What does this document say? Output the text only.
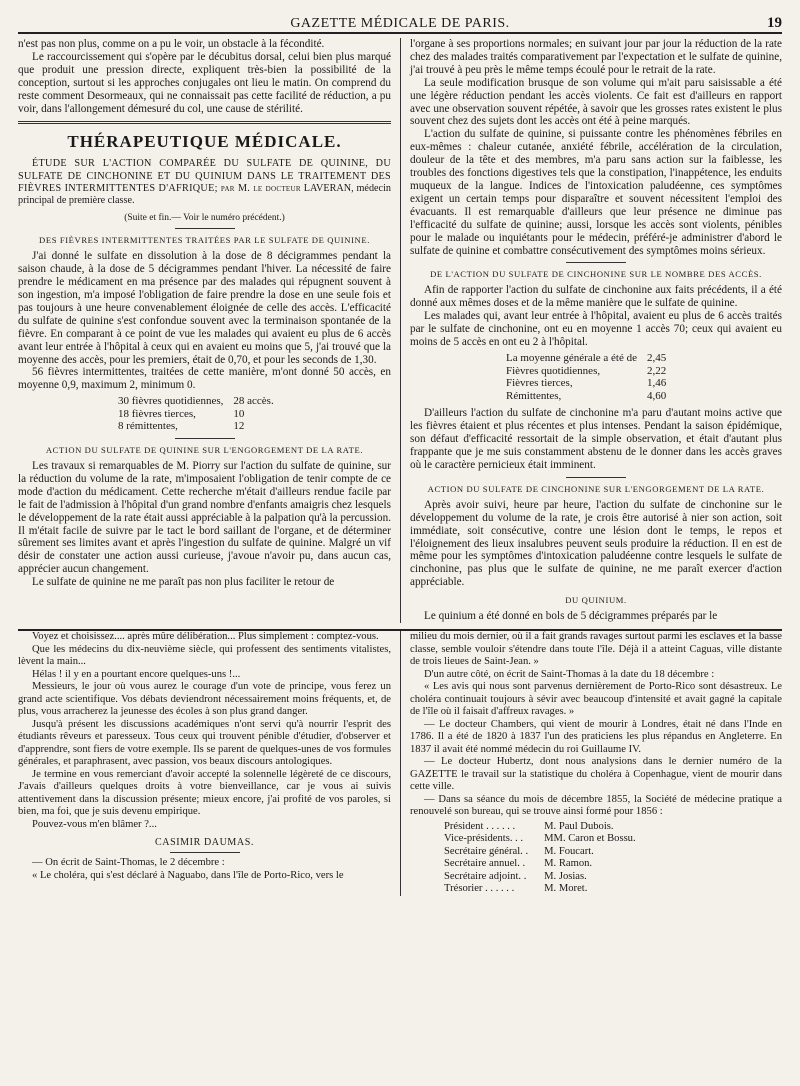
GAZETTE MÉDICALE DE PARIS.	19

n'est pas non plus, comme on a pu le voir, un obstacle à la fécondité.

Le raccourcissement qui s'opère par le décubitus dorsal, celui bien plus marqué que produit une pression directe, expliquent très-bien la possibilité de la conception, surtout si les approches conjugales ont lieu le matin. On comprend du reste comment Desormeaux, qui ne connaissait pas cette facilité de réduction, a pu voir, dans l'allongement démesuré du col, une cause de stérilité.

THÉRAPEUTIQUE MÉDICALE.

ÉTUDE SUR L'ACTION COMPARÉE DU SULFATE DE QUININE, DU SULFATE DE CINCHONINE ET DU QUINIUM DANS LE TRAITEMENT DES FIÈVRES INTERMITTENTES D'AFRIQUE; par M. le docteur LAVERAN, médecin principal de première classe.

(Suite et fin.— Voir le numéro précédent.)
DES FIÈVRES INTERMITTENTES TRAITÉES PAR LE SULFATE DE QUININE.

J'ai donné le sulfate en dissolution à la dose de 8 décigrammes pendant la saison chaude, à la dose de 5 décigrammes pendant l'hiver. La nécessité de faire prendre le médicament en ma présence par des malades qui répugnent souvent à son ingestion, m'a imposé l'obligation de faire prendre la dose en une seule fois et pas toujours à une heure convenablement éloignée de celle des accès. L'efficacité du sulfate de quinine s'est confondue souvent avec la terminaison spontanée de la fièvre. En comparant à ce point de vue les malades qui avaient eu plus de 6 accès avant leur entrée à l'hôpital à ceux qui en avaient eu moins que 5, j'ai trouvé que la moyenne des accès, pour les premiers, était de 0,70, et pour les seconds de 1,30.

56 fièvres intermittentes, traitées de cette manière, m'ont donné 50 accès, en moyenne 0,9, maximum 2, minimum 0.

30 fièvres quotidiennes,	28 accès.
18 fièvres tierces,	10
8 rémittentes,	12
ACTION DU SULFATE DE QUININE SUR L'ENGORGEMENT DE LA RATE.

Les travaux si remarquables de M. Piorry sur l'action du sulfate de quinine, sur la réduction du volume de la rate, m'imposaient l'obligation de tenir compte de ce mode d'action du médicament. Cette recherche m'était d'ailleurs rendue facile par le fait de l'admission à l'hôpital d'un grand nombre d'enfants amaigris chez lesquels le développement de la rate était aussi appréciable à la palpation qu'à la percussion. Il m'était facile de suivre par le tact le bord saillant de l'organe, et de déterminer sûrement ses limites avant et après l'ingestion du sulfate de quinine. Malgré un vif désir de constater une action aussi curieuse, j'avoue n'avoir pu, dans aucun cas, apprécier aucun changement.

Le sulfate de quinine ne me paraît pas non plus faciliter le retour de

l'organe à ses proportions normales; en suivant jour par jour la réduction de la rate chez des malades traités comparativement par l'expectation et le sulfate de quinine, j'ai trouvé à peu près le même temps écoulé pour le retrait de la rate.

La seule modification brusque de son volume qui m'ait paru saisissable a été une légère réduction pendant les accès violents. Ce fait est d'ailleurs en rapport avec une observation souvent répétée, à savoir que les grosses rates existent le plus souvent chez des sujets dont les accès ont été à peine marqués.

L'action du sulfate de quinine, si puissante contre les phénomènes fébriles en eux-mêmes : chaleur cutanée, anxiété fébrile, accélération de la circulation, douleur de la tête et des membres, m'a paru sans action sur la faiblesse, les troubles des fonctions digestives tels que la constipation, l'inappétence, les enduits muqueux de la langue. Indices de l'intoxication paludéenne, ces symptômes exigent un certain temps pour disparaître et souvent nécessitent l'emploi des évacuants. Il est remarquable d'ailleurs que leur présence ne diminue pas l'efficacité du sulfate de quinine; aussi, lorsque les accès sont violents, pénibles pour le malade ou inquiétants pour le médecin, préféré-je administrer d'abord le sulfate de quinine et combattre consécutivement des symptômes moins sérieux.

DE L'ACTION DU SULFATE DE CINCHONINE SUR LE NOMBRE DES ACCÈS.

Afin de rapporter l'action du sulfate de cinchonine aux faits précédents, il a été donné aux mêmes doses et de la même manière que le sulfate de quinine.

Les malades qui, avant leur entrée à l'hôpital, avaient eu plus de 6 accès traités par le sulfate de cinchonine, ont eu en moyenne 1 accès 70; ceux qui avaient eu moins de 5 accès en ont eu 2 à l'hôpital.

La moyenne générale a été de	2,45
Fièvres quotidiennes,	2,22
Fièvres tierces,	1,46
Rémittentes,	4,60

D'ailleurs l'action du sulfate de cinchonine m'a paru d'autant moins active que les fièvres étaient et plus récentes et plus intenses. Pendant la saison épidémique, son défaut d'efficacité ressortait de la simple observation, et était d'autant plus frappante que je me suis constamment abstenu de le donner dans les accès graves où le caractère pernicieux était imminent.

ACTION DU SULFATE DE CINCHONINE SUR L'ENGORGEMENT DE LA RATE.

Après avoir suivi, heure par heure, l'action du sulfate de cinchonine sur le développement du volume de la rate, je crois être autorisé à nier son action, soit immédiate, soit consécutive, contre une lésion dont le temps, le repos et l'éloignement des lieux insalubres peuvent seuls produire la réduction. Il en est de même pour les symptômes d'intoxication paludéenne contre lesquels le sulfate de cinchonine, pas plus que le sulfate de quinine, ne me paraît exercer d'action appréciable.

DU QUINIUM.

Le quinium a été donné en bols de 5 décigrammes préparés par le

Voyez et choisissez.... après mûre délibération... Plus simplement : comptez-vous.

Que les médecins du dix-neuvième siècle, qui professent des sentiments vitalistes, lèvent la main...

Hélas ! il y en a pourtant encore quelques-uns !...

Messieurs, le jour où vous aurez le courage d'un vote de principe, vous ferez un grand acte scientifique. Vos débats deviendront nécessairement moins fréquents, et, de plus, vous arracherez la jeunesse des écoles à son plus grand danger.

Jusqu'à présent les discussions académiques n'ont servi qu'à nourrir l'esprit des étudiants rêveurs et paresseux. Tous ceux qui trouvent pénible d'étudier, d'observer et d'apprendre, sont fiers de votre exemple. Ils se parent de quelques-unes de vos formules générales, et paraphrasent, avec passion, vos beaux discours antologiques.

Je termine en vous remerciant d'avoir accepté la solennelle légèreté de ce discours, J'avais d'ailleurs quelques droits à votre bienveillance, car je vous ai suivis attentivement dans la discussion présente; mieux encore, j'ai profité de vos paroles, si bien, ma foi, que je suis devenu empirique.

Pouvez-vous m'en blâmer ?...

CASIMIR DAUMAS.

— On écrit de Saint-Thomas, le 2 décembre :

« Le choléra, qui s'est déclaré à Naguabo, dans l'île de Porto-Rico, vers le

milieu du mois dernier, où il a fait grands ravages surtout parmi les esclaves et la basse classe, semble vouloir s'étendre dans toute l'île. Déjà il a atteint Caguas, ville distante de trois lieues de Saint-Jean. »

D'un autre côté, on écrit de Saint-Thomas à la date du 18 décembre :

« Les avis qui nous sont parvenus dernièrement de Porto-Rico sont désastreux. Le choléra continuait toujours à sévir avec beaucoup d'intensité et avait gagné la capitale de l'île où il faisait d'affreux ravages. »

— Le docteur Chambers, qui vient de mourir à Londres, était né dans l'Inde en 1786. Il a été de 1820 à 1837 l'un des praticiens les plus répandus en Angleterre. En 1837 il avait été nommé médecin du roi Guillaume IV.

— Le docteur Hubertz, dont nous analysions dans le dernier numéro de la GAZETTE le travail sur la statistique du choléra à Copenhague, vient de mourir dans cette ville.

— Dans sa séance du mois de décembre 1855, la Société de médecine pratique a renouvelé son bureau, qui se trouve ainsi formé pour 1856 :

Président . . . . . .	M. Paul Dubois.
Vice-présidents. . .	MM. Caron et Bossu.
Secrétaire général. .	M. Foucart.
Secrétaire annuel. .	M. Ramon.
Secrétaire adjoint. .	M. Josias.
Trésorier . . . . . .	M. Moret.
